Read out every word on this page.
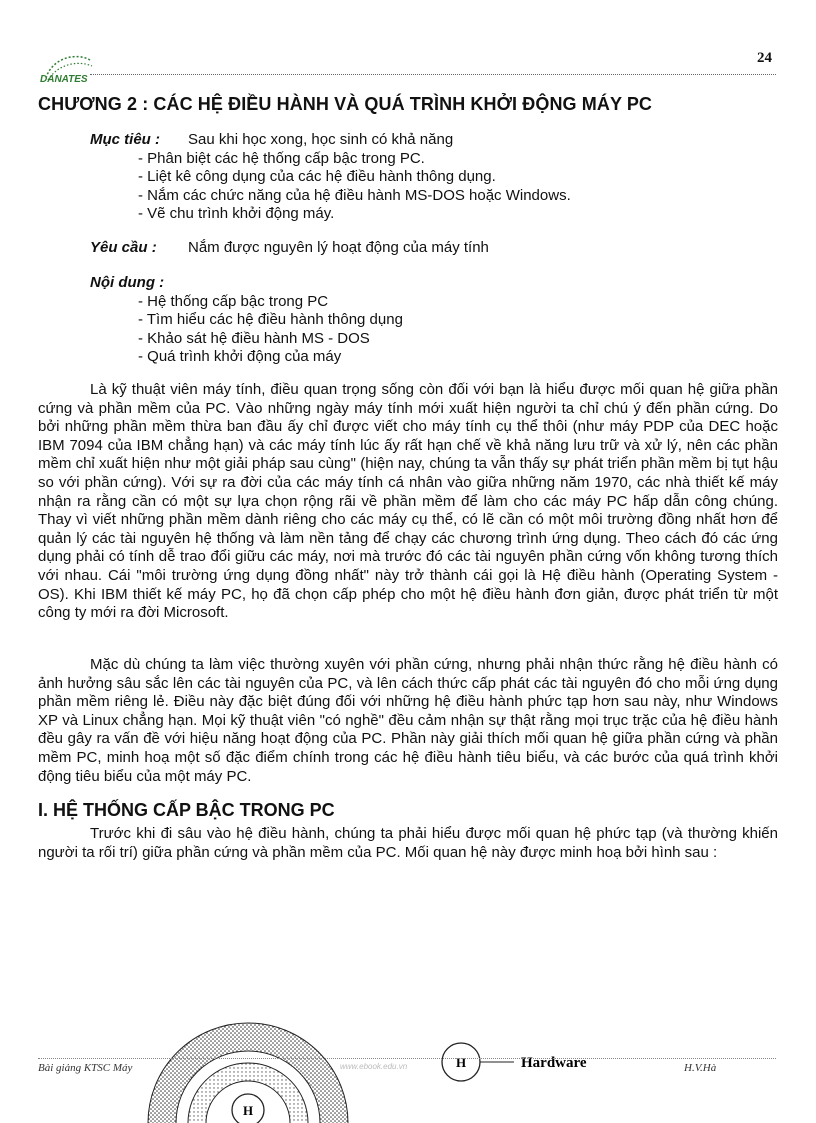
DANATES
24
CHƯƠNG 2 : CÁC HỆ ĐIỀU HÀNH VÀ QUÁ TRÌNH KHỞI ĐỘNG MÁY PC
Mục tiêu : Sau khi học xong, học sinh có khả năng
- Phân biệt các hệ thống cấp bậc trong PC.
- Liệt kê công dụng của các hệ điều hành thông dụng.
- Nắm các chức năng của hệ điều hành MS-DOS hoặc Windows.
- Vẽ chu trình khởi động máy.
Yêu cầu : Nắm được nguyên lý hoạt động của máy tính
Nội dung :
- Hệ thống cấp bậc trong PC
- Tìm hiểu các hệ điều hành thông dụng
- Khảo sát hệ điều hành MS - DOS
- Quá trình khởi động của máy
Là kỹ thuật viên máy tính, điều quan trọng sống còn đối với bạn là hiểu được mối quan hệ giữa phần cứng và phần mềm của PC. Vào những ngày máy tính mới xuất hiện người ta chỉ chú ý đến phần cứng. Do bởi những phần mềm thừa ban đầu ấy chỉ được viết cho máy tính cụ thể thôi (như máy PDP của DEC hoặc IBM 7094 của IBM chẳng hạn) và các máy tính lúc ấy rất hạn chế về khả năng lưu trữ và xử lý, nên các phần mềm chỉ xuất hiện như một giải pháp sau cùng" (hiện nay, chúng ta vẫn thấy sự phát triển phần mềm bị tụt hậu so với phần cứng). Với sự ra đời của các máy tính cá nhân vào giữa những năm 1970, các nhà thiết kế máy nhận ra rằng cần có một sự lựa chọn rộng rãi về phần mềm để làm cho các máy PC hấp dẫn công chúng. Thay vì viết những phần mềm dành riêng cho các máy cụ thể, có lẽ cần có một môi trường đồng nhất hơn để quản lý các tài nguyên hệ thống và làm nền tảng để chạy các chương trình ứng dụng. Theo cách đó các ứng dụng phải có tính dễ trao đổi giữu các máy, nơi mà trước đó các tài nguyên phần cứng vốn không tương thích với nhau. Cái "môi trường ứng dụng đồng nhất" này trở thành cái gọi là Hệ điều hành (Operating System - OS). Khi IBM thiết kế máy PC, họ đã chọn cấp phép cho một hệ điều hành đơn giản, được phát triển từ một công ty mới ra đời Microsoft.
Mặc dù chúng ta làm việc thường xuyên với phần cứng, nhưng phải nhận thức rằng hệ điều hành có ảnh hưởng sâu sắc lên các tài nguyên của PC, và lên cách thức cấp phát các tài nguyên đó cho mỗi ứng dụng phần mềm riêng lẻ. Điều này đặc biệt đúng đối với những hệ điều hành phức tạp hơn sau này, như Windows XP và Linux chẳng hạn. Mọi kỹ thuật viên "có nghề" đều cảm nhận sự thật rằng mọi trục trặc của hệ điều hành đều gây ra vấn đề với hiệu năng hoạt động của PC. Phần này giải thích mối quan hệ giữa phần cứng và phần mềm PC, minh hoạ một số đặc điểm chính trong các hệ điều hành tiêu biểu, và các bước của quá trình khởi động tiêu biểu của một máy PC.
I. HỆ THỐNG CẤP BẬC TRONG PC
Trước khi đi sâu vào hệ điều hành, chúng ta phải hiểu được mối quan hệ phức tạp (và thường khiến người ta rối trí) giữa phần cứng và phần mềm của PC. Mối quan hệ này được minh hoạ bởi hình sau :
H
H	Hardware
Bài giảng KTSC Máy	www.ebook.edu.vn	H.V.Hà
